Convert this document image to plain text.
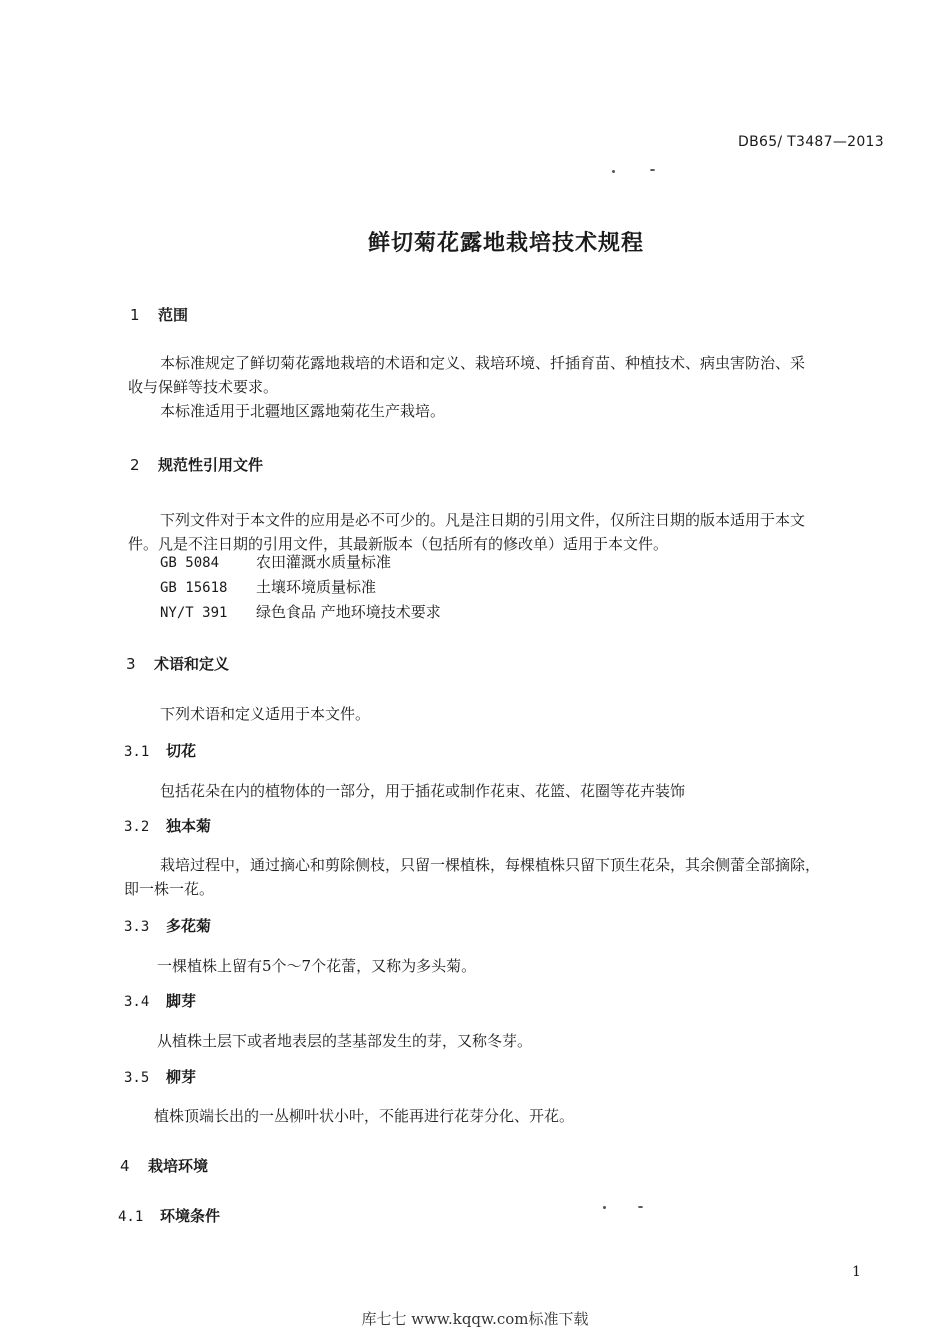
DB65/ T3487—2013
鲜切菊花露地栽培技术规程
1 范围

本标准规定了鲜切菊花露地栽培的术语和定义、栽培环境、扦插育苗、种植技术、病虫害防治、采

收与保鲜等技术要求。

本标准适用于北疆地区露地菊花生产栽培。

2 规范性引用文件

下列文件对于本文件的应用是必不可少的。凡是注日期的引用文件，仅所注日期的版本适用于本文

件。凡是不注日期的引用文件，其最新版本（包括所有的修改单）适用于本文件。

GB 5084 农田灌溉水质量标准
GB 15618 土壤环境质量标准
NY/T 391 绿色食品 产地环境技术要求
3 术语和定义
下列术语和定义适用于本文件。
3.1 切花
包括花朵在内的植物体的一部分，用于插花或制作花束、花篮、花圈等花卉装饰
3.2 独本菊

栽培过程中，通过摘心和剪除侧枝，只留一棵植株，每棵植株只留下顶生花朵，其余侧蕾全部摘除，

即一株一花。

3.3 多花菊
一棵植株上留有5个～7个花蕾，又称为多头菊。
3.4 脚芽
从植株土层下或者地表层的茎基部发生的芽，又称冬芽。
3.5 柳芽
植株顶端长出的一丛柳叶状小叶，不能再进行花芽分化、开花。
4 栽培环境
4.1 环境条件
1
库七七 www.kqqw.com标准下载
